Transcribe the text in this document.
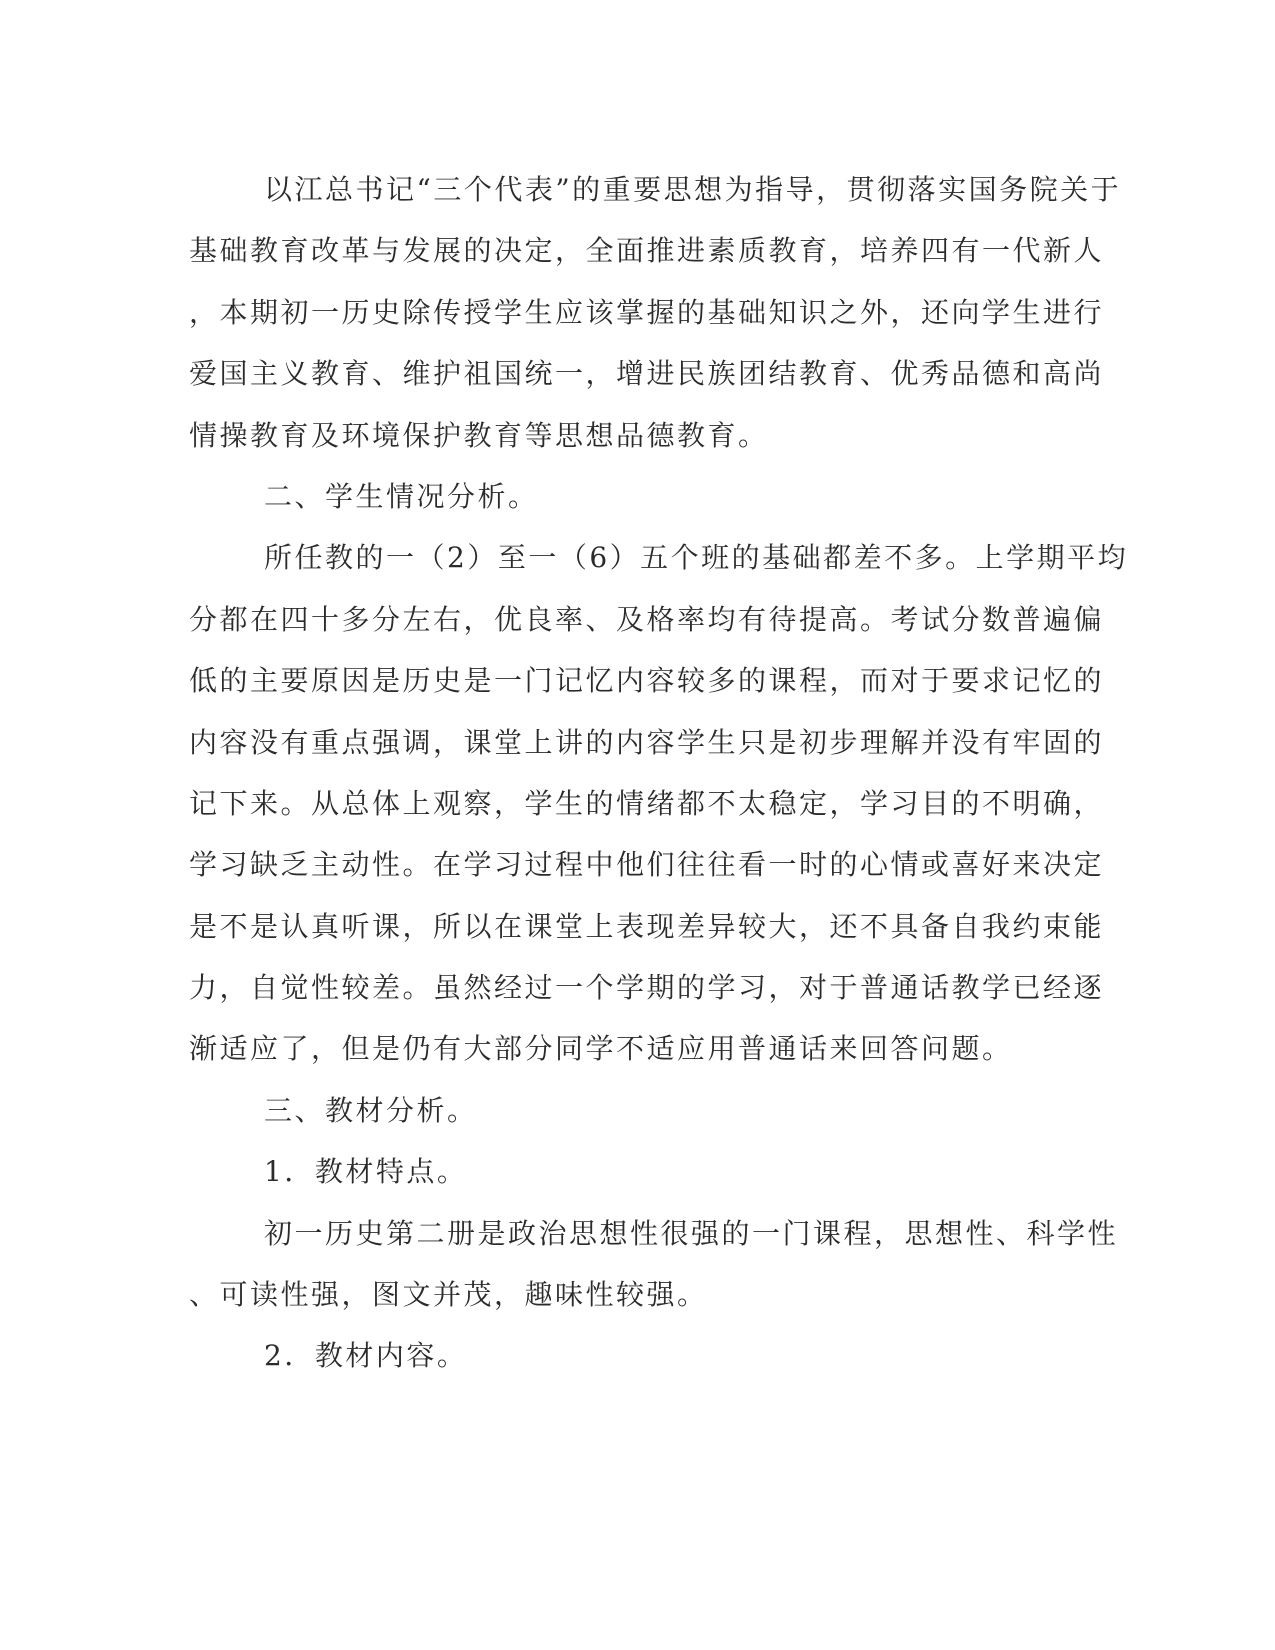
以江总书记“三个代表”的重要思想为指导，贯彻落实国务院关于
基础教育改革与发展的决定，全面推进素质教育，培养四有一代新人
，本期初一历史除传授学生应该掌握的基础知识之外，还向学生进行
爱国主义教育、维护祖国统一，增进民族团结教育、优秀品德和高尚
情操教育及环境保护教育等思想品德教育。
二、学生情况分析。
所任教的一（2）至一（6）五个班的基础都差不多。上学期平均
分都在四十多分左右，优良率、及格率均有待提高。考试分数普遍偏
低的主要原因是历史是一门记忆内容较多的课程，而对于要求记忆的
内容没有重点强调，课堂上讲的内容学生只是初步理解并没有牢固的
记下来。从总体上观察，学生的情绪都不太稳定，学习目的不明确，
学习缺乏主动性。在学习过程中他们往往看一时的心情或喜好来决定
是不是认真听课，所以在课堂上表现差异较大，还不具备自我约束能
力，自觉性较差。虽然经过一个学期的学习，对于普通话教学已经逐
渐适应了，但是仍有大部分同学不适应用普通话来回答问题。
三、教材分析。
1．教材特点。
初一历史第二册是政治思想性很强的一门课程，思想性、科学性
、可读性强，图文并茂，趣味性较强。
2．教材内容。
